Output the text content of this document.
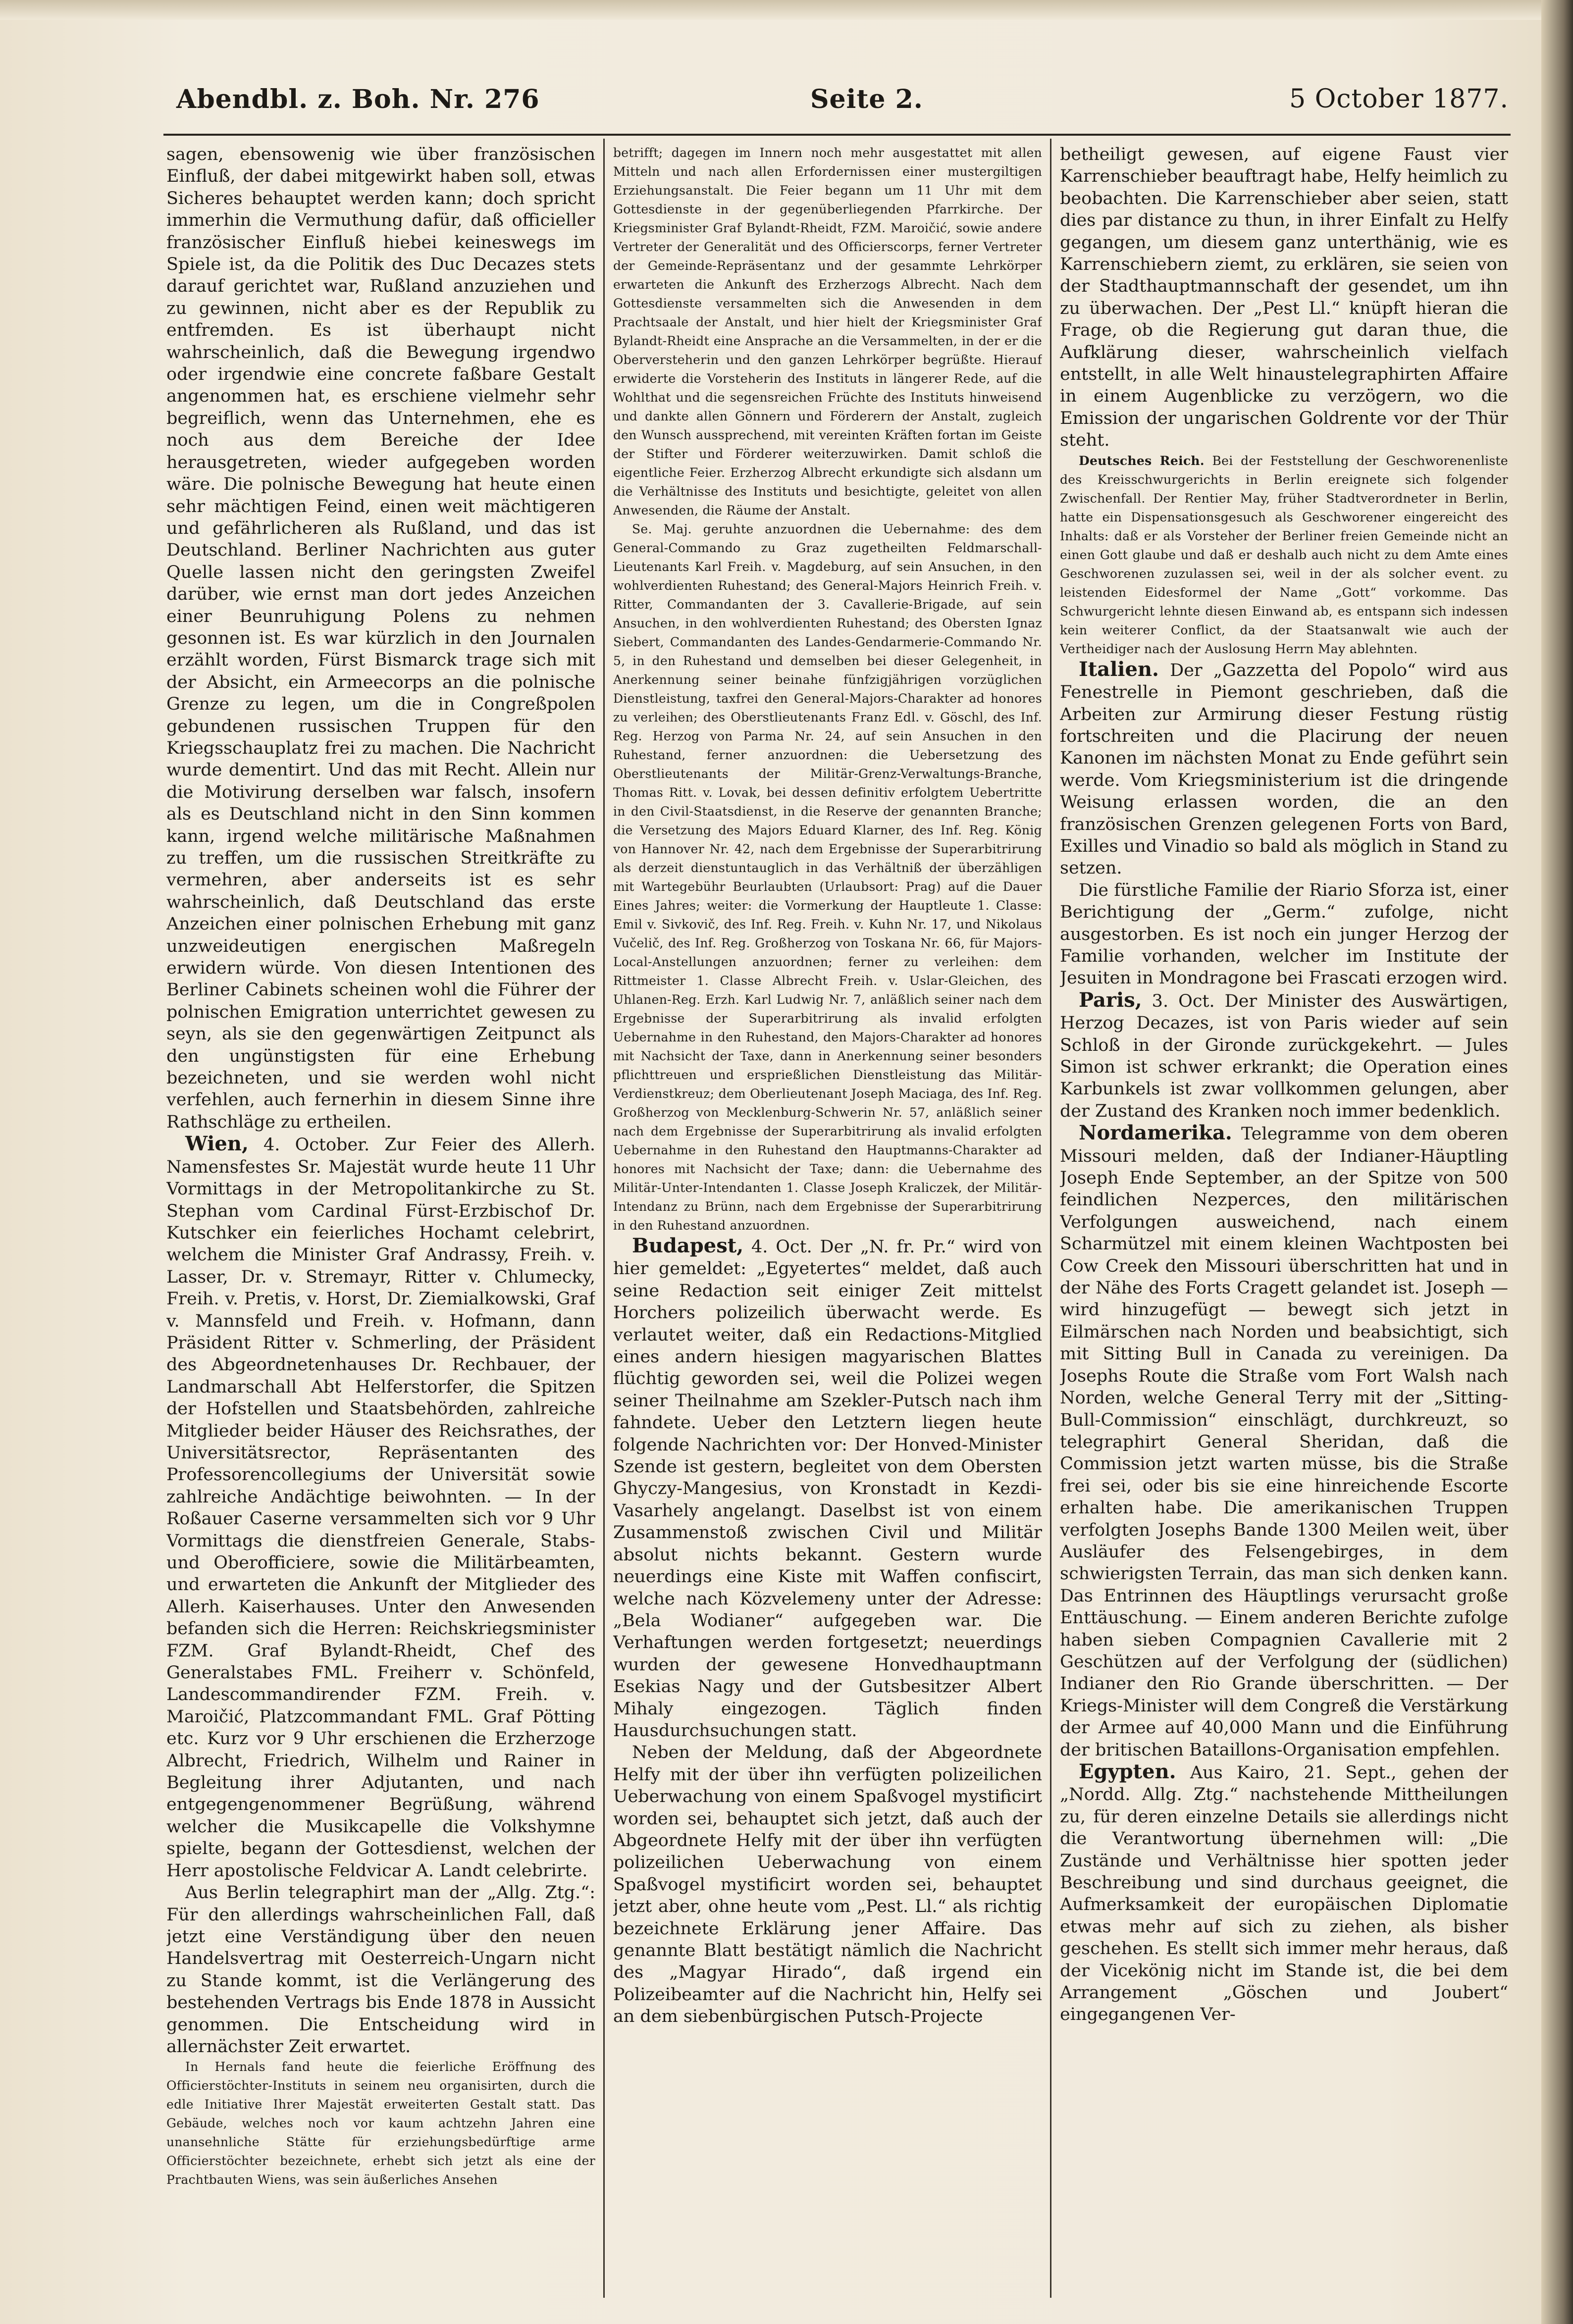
Abendbl. z. Boh. Nr. 276	Seite 2.	5 October 1877.

sagen, ebensowenig wie über französischen Einfluß, der dabei mitgewirkt haben soll, etwas Sicheres behauptet werden kann; doch spricht immerhin die Vermuthung dafür, daß officieller französischer Einfluß hiebei keineswegs im Spiele ist, da die Politik des Duc Decazes stets darauf gerichtet war, Rußland anzuziehen und zu gewinnen, nicht aber es der Republik zu entfremden. Es ist überhaupt nicht wahrscheinlich, daß die Bewegung irgendwo oder irgendwie eine concrete faßbare Gestalt angenommen hat, es erschiene vielmehr sehr begreiflich, wenn das Unternehmen, ehe es noch aus dem Bereiche der Idee herausgetreten, wieder aufgegeben worden wäre. Die polnische Bewegung hat heute einen sehr mächtigen Feind, einen weit mächtigeren und gefährlicheren als Rußland, und das ist Deutschland. Berliner Nachrichten aus guter Quelle lassen nicht den geringsten Zweifel darüber, wie ernst man dort jedes Anzeichen einer Beunruhigung Polens zu nehmen gesonnen ist. Es war kürzlich in den Journalen erzählt worden, Fürst Bismarck trage sich mit der Absicht, ein Armeecorps an die polnische Grenze zu legen, um die in Congreßpolen gebundenen russischen Truppen für den Kriegsschauplatz frei zu machen. Die Nachricht wurde dementirt. Und das mit Recht. Allein nur die Motivirung derselben war falsch, insofern als es Deutschland nicht in den Sinn kommen kann, irgend welche militärische Maßnahmen zu treffen, um die russischen Streitkräfte zu vermehren, aber anderseits ist es sehr wahrscheinlich, daß Deutschland das erste Anzeichen einer polnischen Erhebung mit ganz unzweideutigen energischen Maßregeln erwidern würde. Von diesen Intentionen des Berliner Cabinets scheinen wohl die Führer der polnischen Emigration unterrichtet gewesen zu seyn, als sie den gegenwärtigen Zeitpunct als den ungünstigsten für eine Erhebung bezeichneten, und sie werden wohl nicht verfehlen, auch fernerhin in diesem Sinne ihre Rathschläge zu ertheilen.

Wien, 4. October. Zur Feier des Allerh. Namensfestes Sr. Majestät wurde heute 11 Uhr Vormittags in der Metropolitankirche zu St. Stephan vom Cardinal Fürst-Erzbischof Dr. Kutschker ein feierliches Hochamt celebrirt, welchem die Minister Graf Andrassy, Freih. v. Lasser, Dr. v. Stremayr, Ritter v. Chlumecky, Freih. v. Pretis, v. Horst, Dr. Ziemialkowski, Graf v. Mannsfeld und Freih. v. Hofmann, dann Präsident Ritter v. Schmerling, der Präsident des Abgeordnetenhauses Dr. Rechbauer, der Landmarschall Abt Helferstorfer, die Spitzen der Hofstellen und Staatsbehörden, zahlreiche Mitglieder beider Häuser des Reichsrathes, der Universitätsrector, Repräsentanten des Professorencollegiums der Universität sowie zahlreiche Andächtige beiwohnten. — In der Roßauer Caserne versammelten sich vor 9 Uhr Vormittags die dienstfreien Generale, Stabs- und Oberofficiere, sowie die Militärbeamten, und erwarteten die Ankunft der Mitglieder des Allerh. Kaiserhauses. Unter den Anwesenden befanden sich die Herren: Reichskriegsminister FZM. Graf Bylandt-Rheidt, Chef des Generalstabes FML. Freiherr v. Schönfeld, Landescommandirender FZM. Freih. v. Maroičić, Platzcommandant FML. Graf Pötting etc. Kurz vor 9 Uhr erschienen die Erzherzoge Albrecht, Friedrich, Wilhelm und Rainer in Begleitung ihrer Adjutanten, und nach entgegengenommener Begrüßung, während welcher die Musikcapelle die Volkshymne spielte, begann der Gottesdienst, welchen der Herr apostolische Feldvicar A. Landt celebrirte.

Aus Berlin telegraphirt man der „Allg. Ztg.“: Für den allerdings wahrscheinlichen Fall, daß jetzt eine Verständigung über den neuen Handelsvertrag mit Oesterreich-Ungarn nicht zu Stande kommt, ist die Verlängerung des bestehenden Vertrags bis Ende 1878 in Aussicht genommen. Die Entscheidung wird in allernächster Zeit erwartet.

In Hernals fand heute die feierliche Eröffnung des Officierstöchter-Instituts in seinem neu organisirten, durch die edle Initiative Ihrer Majestät erweiterten Gestalt statt. Das Gebäude, welches noch vor kaum achtzehn Jahren eine unansehnliche Stätte für erziehungsbedürftige arme Officierstöchter bezeichnete, erhebt sich jetzt als eine der Prachtbauten Wiens, was sein äußerliches Ansehen

betrifft; dagegen im Innern noch mehr ausgestattet mit allen Mitteln und nach allen Erfordernissen einer mustergiltigen Erziehungsanstalt. Die Feier begann um 11 Uhr mit dem Gottesdienste in der gegenüberliegenden Pfarrkirche. Der Kriegsminister Graf Bylandt-Rheidt, FZM. Maroičić, sowie andere Vertreter der Generalität und des Officierscorps, ferner Vertreter der Gemeinde-Repräsentanz und der gesammte Lehrkörper erwarteten die Ankunft des Erzherzogs Albrecht. Nach dem Gottesdienste versammelten sich die Anwesenden in dem Prachtsaale der Anstalt, und hier hielt der Kriegsminister Graf Bylandt-Rheidt eine Ansprache an die Versammelten, in der er die Oberversteherin und den ganzen Lehrkörper begrüßte. Hierauf erwiderte die Vorsteherin des Instituts in längerer Rede, auf die Wohlthat und die segensreichen Früchte des Instituts hinweisend und dankte allen Gönnern und Förderern der Anstalt, zugleich den Wunsch aussprechend, mit vereinten Kräften fortan im Geiste der Stifter und Förderer weiterzuwirken. Damit schloß die eigentliche Feier. Erzherzog Albrecht erkundigte sich alsdann um die Verhältnisse des Instituts und besichtigte, geleitet von allen Anwesenden, die Räume der Anstalt.

Se. Maj. geruhte anzuordnen die Uebernahme: des dem General-Commando zu Graz zugetheilten Feldmarschall-Lieutenants Karl Freih. v. Magdeburg, auf sein Ansuchen, in den wohlverdienten Ruhestand; des General-Majors Heinrich Freih. v. Ritter, Commandanten der 3. Cavallerie-Brigade, auf sein Ansuchen, in den wohlverdienten Ruhestand; des Obersten Ignaz Siebert, Commandanten des Landes-Gendarmerie-Commando Nr. 5, in den Ruhestand und demselben bei dieser Gelegenheit, in Anerkennung seiner beinahe fünfzigjährigen vorzüglichen Dienstleistung, taxfrei den General-Majors-Charakter ad honores zu verleihen; des Oberstlieutenants Franz Edl. v. Göschl, des Inf. Reg. Herzog von Parma Nr. 24, auf sein Ansuchen in den Ruhestand, ferner anzuordnen: die Uebersetzung des Oberstlieutenants der Militär-Grenz-Verwaltungs-Branche, Thomas Ritt. v. Lovak, bei dessen definitiv erfolgtem Uebertritte in den Civil-Staatsdienst, in die Reserve der genannten Branche; die Versetzung des Majors Eduard Klarner, des Inf. Reg. König von Hannover Nr. 42, nach dem Ergebnisse der Superarbitrirung als derzeit dienstuntauglich in das Verhältniß der überzähligen mit Wartegebühr Beurlaubten (Urlaubsort: Prag) auf die Dauer Eines Jahres; weiter: die Vormerkung der Hauptleute 1. Classe: Emil v. Sivkovič, des Inf. Reg. Freih. v. Kuhn Nr. 17, und Nikolaus Vučelič, des Inf. Reg. Großherzog von Toskana Nr. 66, für Majors-Local-Anstellungen anzuordnen; ferner zu verleihen: dem Rittmeister 1. Classe Albrecht Freih. v. Uslar-Gleichen, des Uhlanen-Reg. Erzh. Karl Ludwig Nr. 7, anläßlich seiner nach dem Ergebnisse der Superarbitrirung als invalid erfolgten Uebernahme in den Ruhestand, den Majors-Charakter ad honores mit Nachsicht der Taxe, dann in Anerkennung seiner besonders pflichttreuen und ersprießlichen Dienstleistung das Militär-Verdienstkreuz; dem Oberlieutenant Joseph Maciaga, des Inf. Reg. Großherzog von Mecklenburg-Schwerin Nr. 57, anläßlich seiner nach dem Ergebnisse der Superarbitrirung als invalid erfolgten Uebernahme in den Ruhestand den Hauptmanns-Charakter ad honores mit Nachsicht der Taxe; dann: die Uebernahme des Militär-Unter-Intendanten 1. Classe Joseph Kraliczek, der Militär-Intendanz zu Brünn, nach dem Ergebnisse der Superarbitrirung in den Ruhestand anzuordnen.

Budapest, 4. Oct. Der „N. fr. Pr.“ wird von hier gemeldet: „Egyetertes“ meldet, daß auch seine Redaction seit einiger Zeit mittelst Horchers polizeilich überwacht werde. Es verlautet weiter, daß ein Redactions-Mitglied eines andern hiesigen magyarischen Blattes flüchtig geworden sei, weil die Polizei wegen seiner Theilnahme am Szekler-Putsch nach ihm fahndete. Ueber den Letztern liegen heute folgende Nachrichten vor: Der Honved-Minister Szende ist gestern, begleitet von dem Obersten Ghyczy-Mangesius, von Kronstadt in Kezdi-Vasarhely angelangt. Daselbst ist von einem Zusammenstoß zwischen Civil und Militär absolut nichts bekannt. Gestern wurde neuerdings eine Kiste mit Waffen confiscirt, welche nach Közvelemeny unter der Adresse: „Bela Wodianer“ aufgegeben war. Die Verhaftungen werden fortgesetzt; neuerdings wurden der gewesene Honvedhauptmann Esekias Nagy und der Gutsbesitzer Albert Mihaly eingezogen. Täglich finden Hausdurchsuchungen statt.

Neben der Meldung, daß der Abgeordnete Helfy mit der über ihn verfügten polizeilichen Ueberwachung von einem Spaßvogel mystificirt worden sei, behauptet sich jetzt, daß auch der Abgeordnete Helfy mit der über ihn verfügten polizeilichen Ueberwachung von einem Spaßvogel mystificirt worden sei, behauptet jetzt aber, ohne heute vom „Pest. Ll.“ als richtig bezeichnete Erklärung jener Affaire. Das genannte Blatt bestätigt nämlich die Nachricht des „Magyar Hirado“, daß irgend ein Polizeibeamter auf die Nachricht hin, Helfy sei an dem siebenbürgischen Putsch-Projecte

betheiligt gewesen, auf eigene Faust vier Karrenschieber beauftragt habe, Helfy heimlich zu beobachten. Die Karrenschieber aber seien, statt dies par distance zu thun, in ihrer Einfalt zu Helfy gegangen, um diesem ganz unterthänig, wie es Karrenschiebern ziemt, zu erklären, sie seien von der Stadthauptmannschaft der gesendet, um ihn zu überwachen. Der „Pest Ll.“ knüpft hieran die Frage, ob die Regierung gut daran thue, die Aufklärung dieser, wahrscheinlich vielfach entstellt, in alle Welt hinaustelegraphirten Affaire in einem Augenblicke zu verzögern, wo die Emission der ungarischen Goldrente vor der Thür steht.

Deutsches Reich. Bei der Feststellung der Geschworenenliste des Kreisschwurgerichts in Berlin ereignete sich folgender Zwischenfall. Der Rentier May, früher Stadtverordneter in Berlin, hatte ein Dispensationsgesuch als Geschworener eingereicht des Inhalts: daß er als Vorsteher der Berliner freien Gemeinde nicht an einen Gott glaube und daß er deshalb auch nicht zu dem Amte eines Geschworenen zuzulassen sei, weil in der als solcher event. zu leistenden Eidesformel der Name „Gott“ vorkomme. Das Schwurgericht lehnte diesen Einwand ab, es entspann sich indessen kein weiterer Conflict, da der Staatsanwalt wie auch der Vertheidiger nach der Auslosung Herrn May ablehnten.

Italien. Der „Gazzetta del Popolo“ wird aus Fenestrelle in Piemont geschrieben, daß die Arbeiten zur Armirung dieser Festung rüstig fortschreiten und die Placirung der neuen Kanonen im nächsten Monat zu Ende geführt sein werde. Vom Kriegsministerium ist die dringende Weisung erlassen worden, die an den französischen Grenzen gelegenen Forts von Bard, Exilles und Vinadio so bald als möglich in Stand zu setzen.

Die fürstliche Familie der Riario Sforza ist, einer Berichtigung der „Germ.“ zufolge, nicht ausgestorben. Es ist noch ein junger Herzog der Familie vorhanden, welcher im Institute der Jesuiten in Mondragone bei Frascati erzogen wird.

Paris, 3. Oct. Der Minister des Auswärtigen, Herzog Decazes, ist von Paris wieder auf sein Schloß in der Gironde zurückgekehrt. — Jules Simon ist schwer erkrankt; die Operation eines Karbunkels ist zwar vollkommen gelungen, aber der Zustand des Kranken noch immer bedenklich.

Nordamerika. Telegramme von dem oberen Missouri melden, daß der Indianer-Häuptling Joseph Ende September, an der Spitze von 500 feindlichen Nezperces, den militärischen Verfolgungen ausweichend, nach einem Scharmützel mit einem kleinen Wachtposten bei Cow Creek den Missouri überschritten hat und in der Nähe des Forts Cragett gelandet ist. Joseph — wird hinzugefügt — bewegt sich jetzt in Eilmärschen nach Norden und beabsichtigt, sich mit Sitting Bull in Canada zu vereinigen. Da Josephs Route die Straße vom Fort Walsh nach Norden, welche General Terry mit der „Sitting-Bull-Commission“ einschlägt, durchkreuzt, so telegraphirt General Sheridan, daß die Commission jetzt warten müsse, bis die Straße frei sei, oder bis sie eine hinreichende Escorte erhalten habe. Die amerikanischen Truppen verfolgten Josephs Bande 1300 Meilen weit, über Ausläufer des Felsengebirges, in dem schwierigsten Terrain, das man sich denken kann. Das Entrinnen des Häuptlings verursacht große Enttäuschung. — Einem anderen Berichte zufolge haben sieben Compagnien Cavallerie mit 2 Geschützen auf der Verfolgung der (südlichen) Indianer den Rio Grande überschritten. — Der Kriegs-Minister will dem Congreß die Verstärkung der Armee auf 40,000 Mann und die Einführung der britischen Bataillons-Organisation empfehlen.

Egypten. Aus Kairo, 21. Sept., gehen der „Nordd. Allg. Ztg.“ nachstehende Mittheilungen zu, für deren einzelne Details sie allerdings nicht die Verantwortung übernehmen will: „Die Zustände und Verhältnisse hier spotten jeder Beschreibung und sind durchaus geeignet, die Aufmerksamkeit der europäischen Diplomatie etwas mehr auf sich zu ziehen, als bisher geschehen. Es stellt sich immer mehr heraus, daß der Vicekönig nicht im Stande ist, die bei dem Arrangement „Göschen und Joubert“ eingegangenen Ver-
